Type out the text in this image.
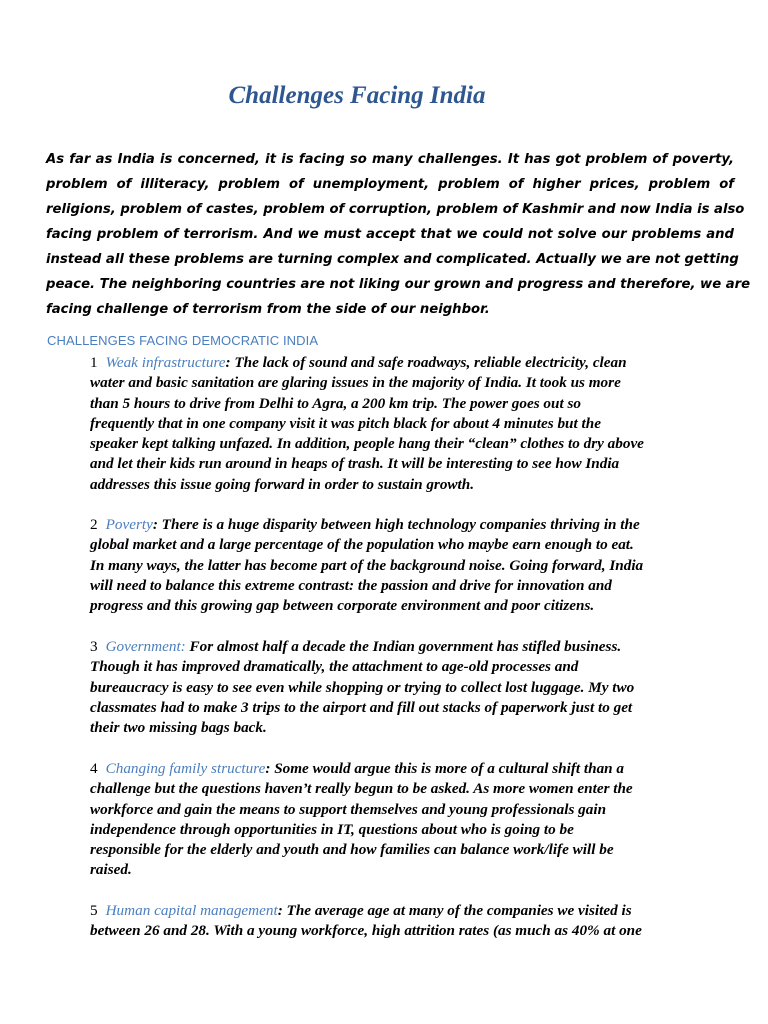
Challenges Facing India
As far as India is concerned, it is facing so many challenges. It has got problem of poverty,
problem of illiteracy, problem of unemployment, problem of higher prices, problem of
religions, problem of castes, problem of corruption, problem of Kashmir and now India is also
facing problem of terrorism. And we must accept that we could not solve our problems and
instead all these problems are turning complex and complicated. Actually we are not getting
peace. The neighboring countries are not liking our grown and progress and therefore, we are
facing challenge of terrorism from the side of our neighbor.
CHALLENGES FACING DEMOCRATIC INDIA
1 Weak infrastructure: The lack of sound and safe roadways, reliable electricity, clean
water and basic sanitation are glaring issues in the majority of India. It took us more
than 5 hours to drive from Delhi to Agra, a 200 km trip. The power goes out so
frequently that in one company visit it was pitch black for about 4 minutes but the
speaker kept talking unfazed. In addition, people hang their “clean” clothes to dry above
and let their kids run around in heaps of trash. It will be interesting to see how India
addresses this issue going forward in order to sustain growth.
2 Poverty: There is a huge disparity between high technology companies thriving in the
global market and a large percentage of the population who maybe earn enough to eat.
In many ways, the latter has become part of the background noise. Going forward, India
will need to balance this extreme contrast: the passion and drive for innovation and
progress and this growing gap between corporate environment and poor citizens.
3 Government: For almost half a decade the Indian government has stifled business.
Though it has improved dramatically, the attachment to age-old processes and
bureaucracy is easy to see even while shopping or trying to collect lost luggage. My two
classmates had to make 3 trips to the airport and fill out stacks of paperwork just to get
their two missing bags back.
4 Changing family structure: Some would argue this is more of a cultural shift than a
challenge but the questions haven’t really begun to be asked. As more women enter the
workforce and gain the means to support themselves and young professionals gain
independence through opportunities in IT, questions about who is going to be
responsible for the elderly and youth and how families can balance work/life will be
raised.
5 Human capital management: The average age at many of the companies we visited is
between 26 and 28. With a young workforce, high attrition rates (as much as 40% at one
